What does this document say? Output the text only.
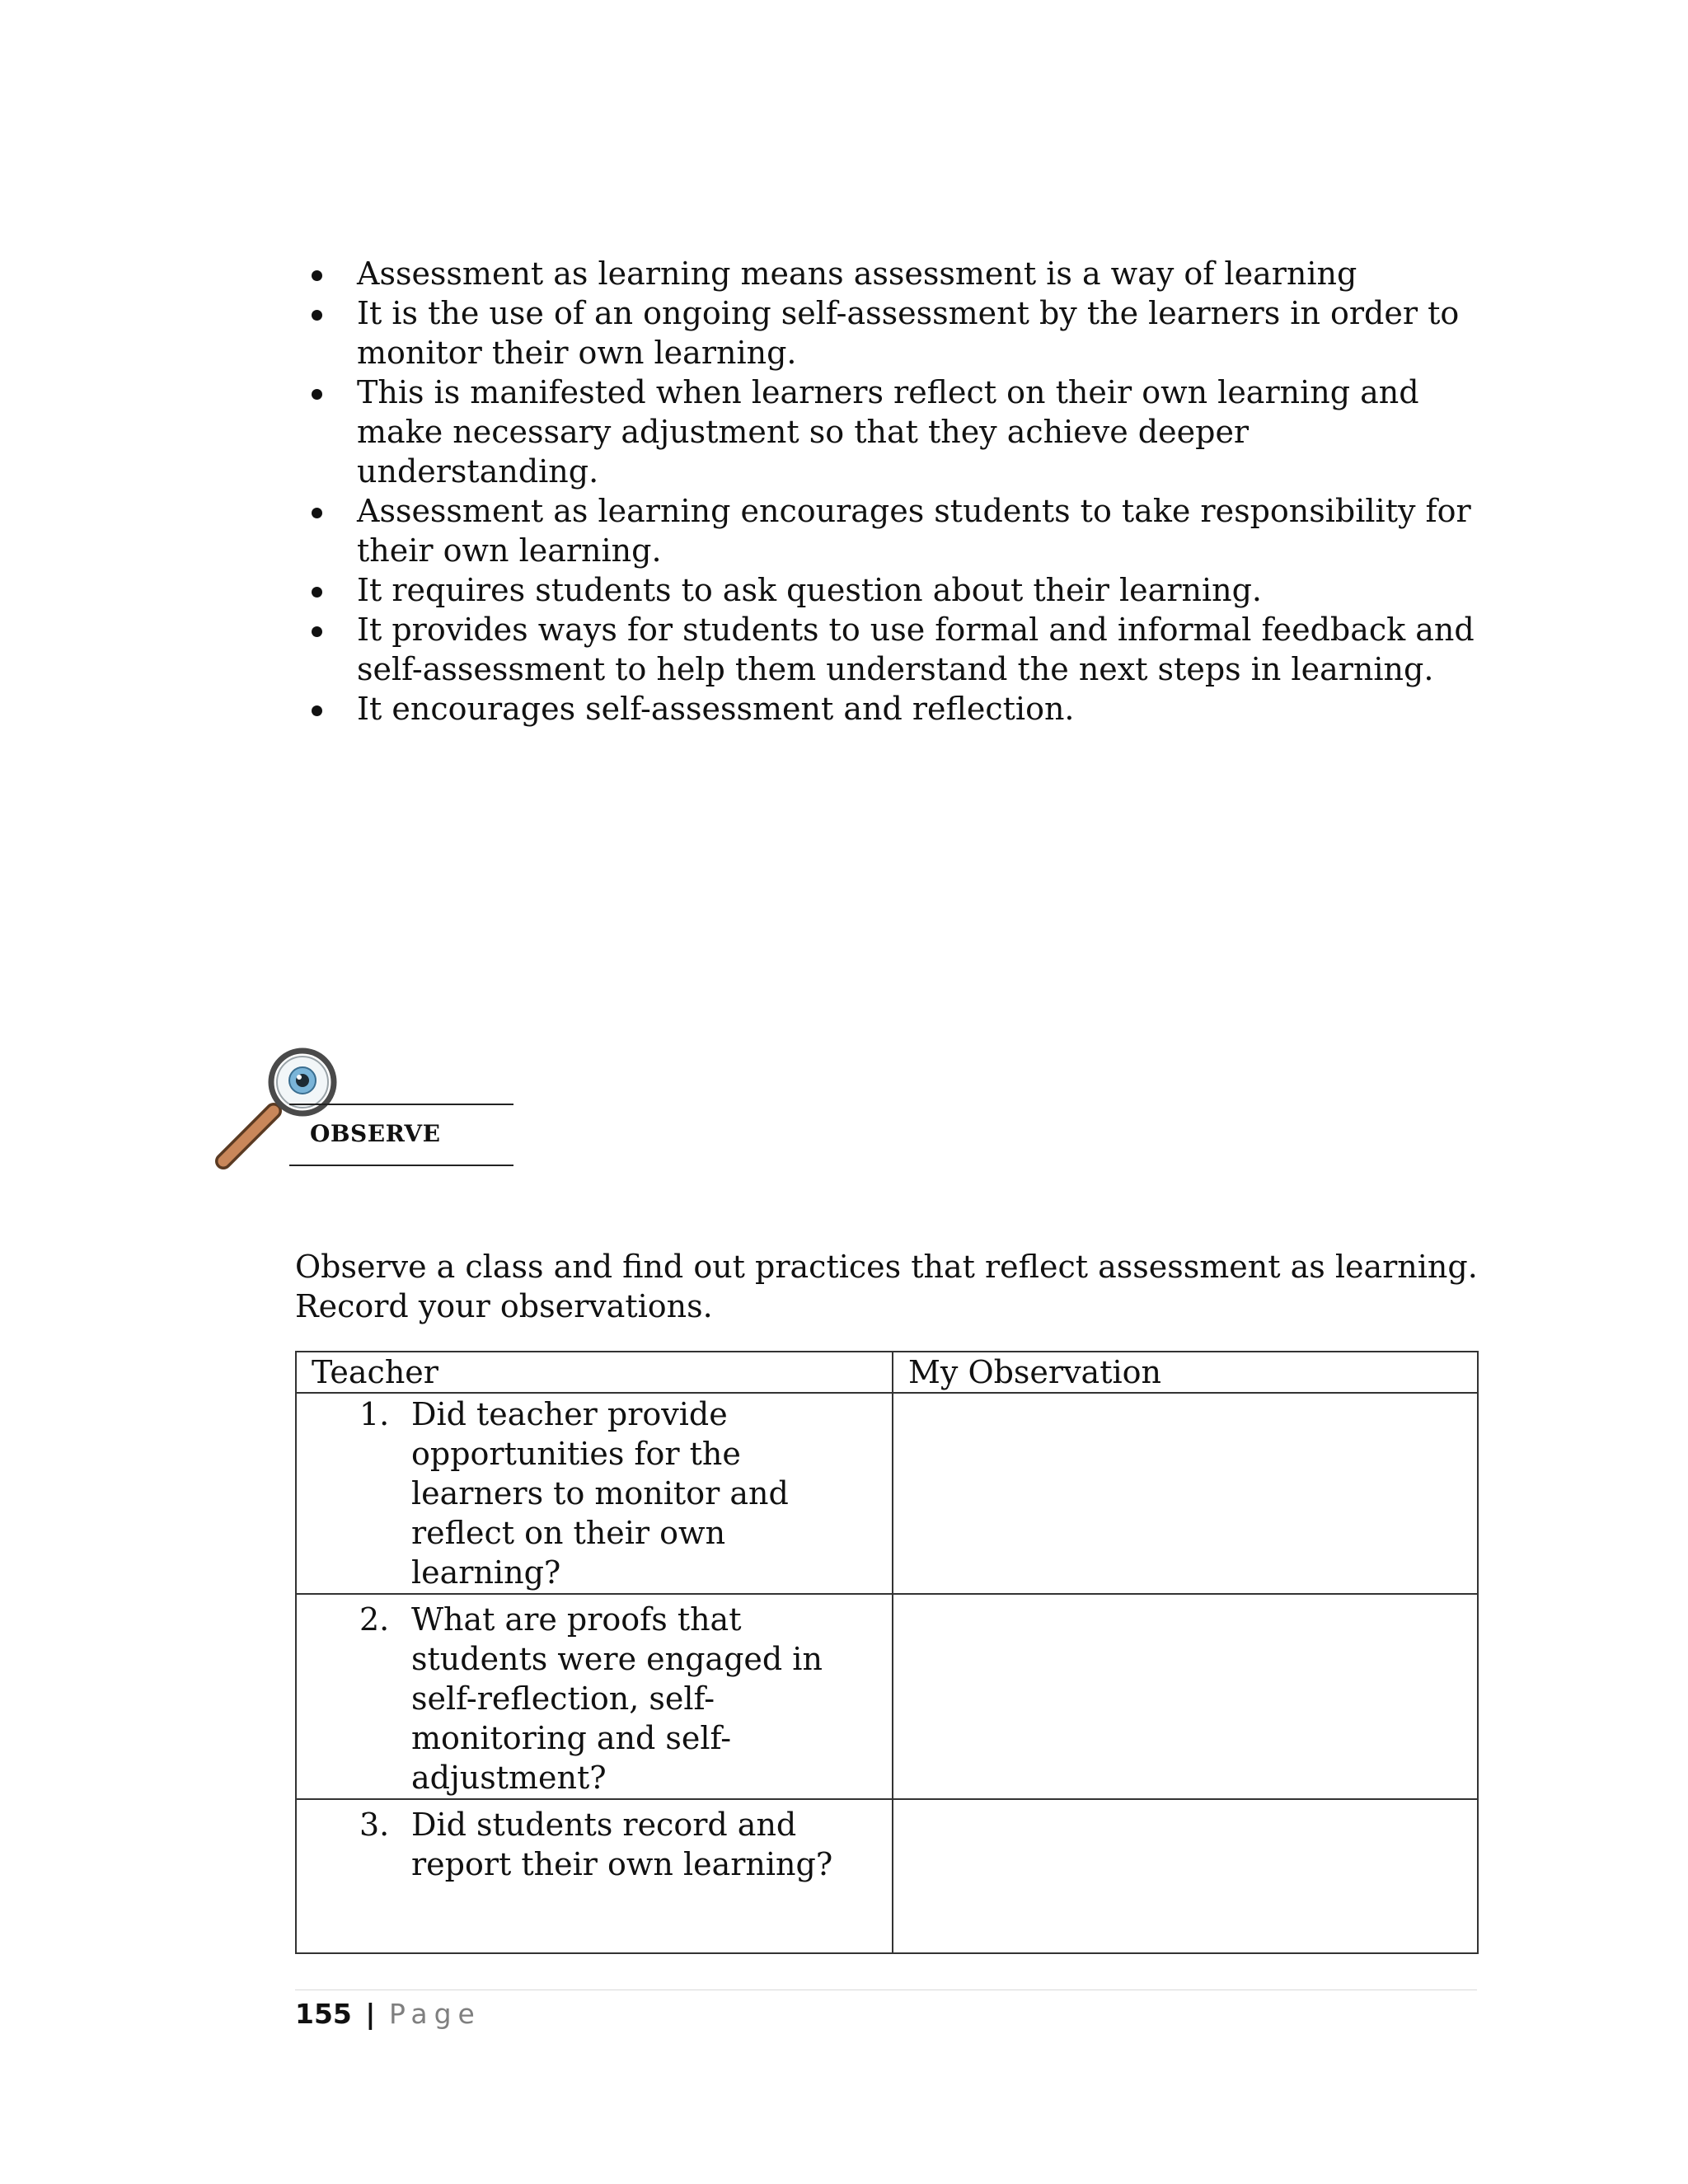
Assessment as learning means assessment is a way of learning
It is the use of an ongoing self-assessment by the learners in order to monitor their own learning.
This is manifested when learners reflect on their own learning and make necessary adjustment so that they achieve deeper understanding.
Assessment as learning encourages students to take responsibility for their own learning.
It requires students to ask question about their learning.
It provides ways for students to use formal and informal feedback and self-assessment to help them understand the next steps in learning.
It encourages self-assessment and reflection.
OBSERVE

Observe a class and find out practices that reflect assessment as learning. Record your observations.

Teacher	My Observation

1. Did teacher provide opportunities for the learners to monitor and reflect on their own learning?	

2. What are proofs that students were engaged in self-reflection, self-monitoring and self-adjustment?	

3. Did students record and report their own learning?	

155 | Page
